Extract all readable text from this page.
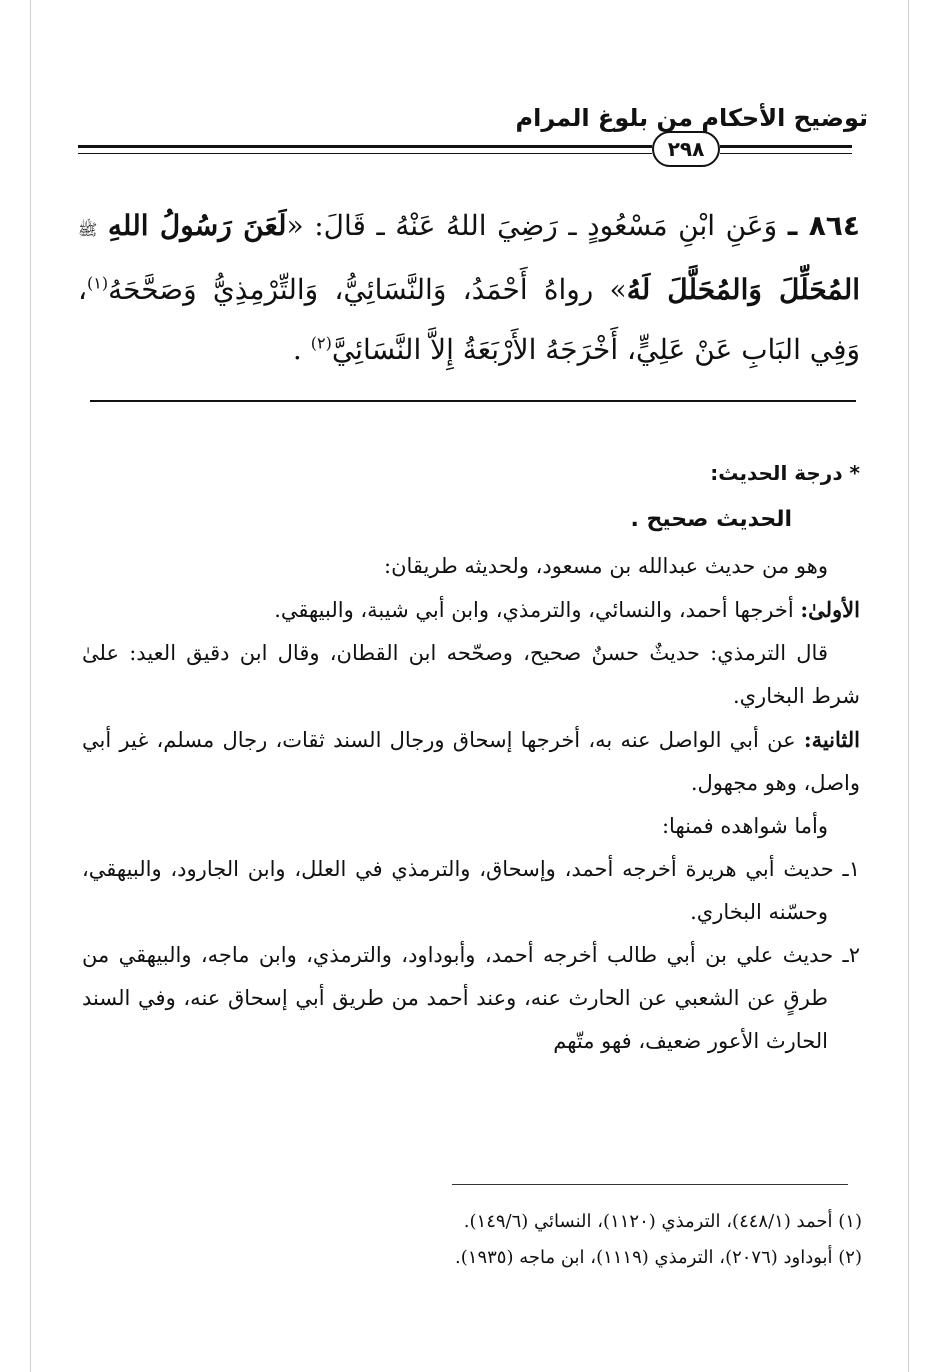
توضيح الأحكام من بلوغ المرام
٢٩٨
٨٦٤ ـ وَعَنِ ابْنِ مَسْعُودٍ ـ رَضِيَ اللهُ عَنْهُ ـ قَالَ: «لَعَنَ رَسُولُ اللهِ ﷺ المُحَلِّلَ وَالمُحَلَّلَ لَهُ» رواهُ أَحْمَدُ، وَالنَّسَائِيُّ، وَالتِّرْمِذِيُّ وَصَحَّحَهُ$^{(١)}$، وَفِي البَابِ عَنْ عَلِيٍّ، أَخْرَجَهُ الأَرْبَعَةُ إِلاَّ النَّسَائِيَّ$^{(٢)}$ .

* درجة الحديث:

الحديث صحيح .

وهو من حديث عبدالله بن مسعود، ولحديثه طريقان:

الأولىٰ: أخرجها أحمد، والنسائي، والترمذي، وابن أبي شيبة، والبيهقي.

قال الترمذي: حديثٌ حسنٌ صحيح، وصحّحه ابن القطان، وقال ابن دقيق العيد: علىٰ شرط البخاري.

الثانية: عن أبي الواصل عنه به، أخرجها إسحاق ورجال السند ثقات، رجال مسلم، غير أبي واصل، وهو مجهول.

وأما شواهده فمنها:

١ـ حديث أبي هريرة أخرجه أحمد، وإسحاق، والترمذي في العلل، وابن الجارود، والبيهقي، وحسّنه البخاري.

٢ـ حديث علي بن أبي طالب أخرجه أحمد، وأبوداود، والترمذي، وابن ماجه، والبيهقي من طرقٍ عن الشعبي عن الحارث عنه، وعند أحمد من طريق أبي إسحاق عنه، وفي السند الحارث الأعور ضعيف، فهو متّهم

(١) أحمد (٤٤٨/١)، الترمذي (١١٢٠)، النسائي (١٤٩/٦).

(٢) أبوداود (٢٠٧٦)، الترمذي (١١١٩)، ابن ماجه (١٩٣٥).
